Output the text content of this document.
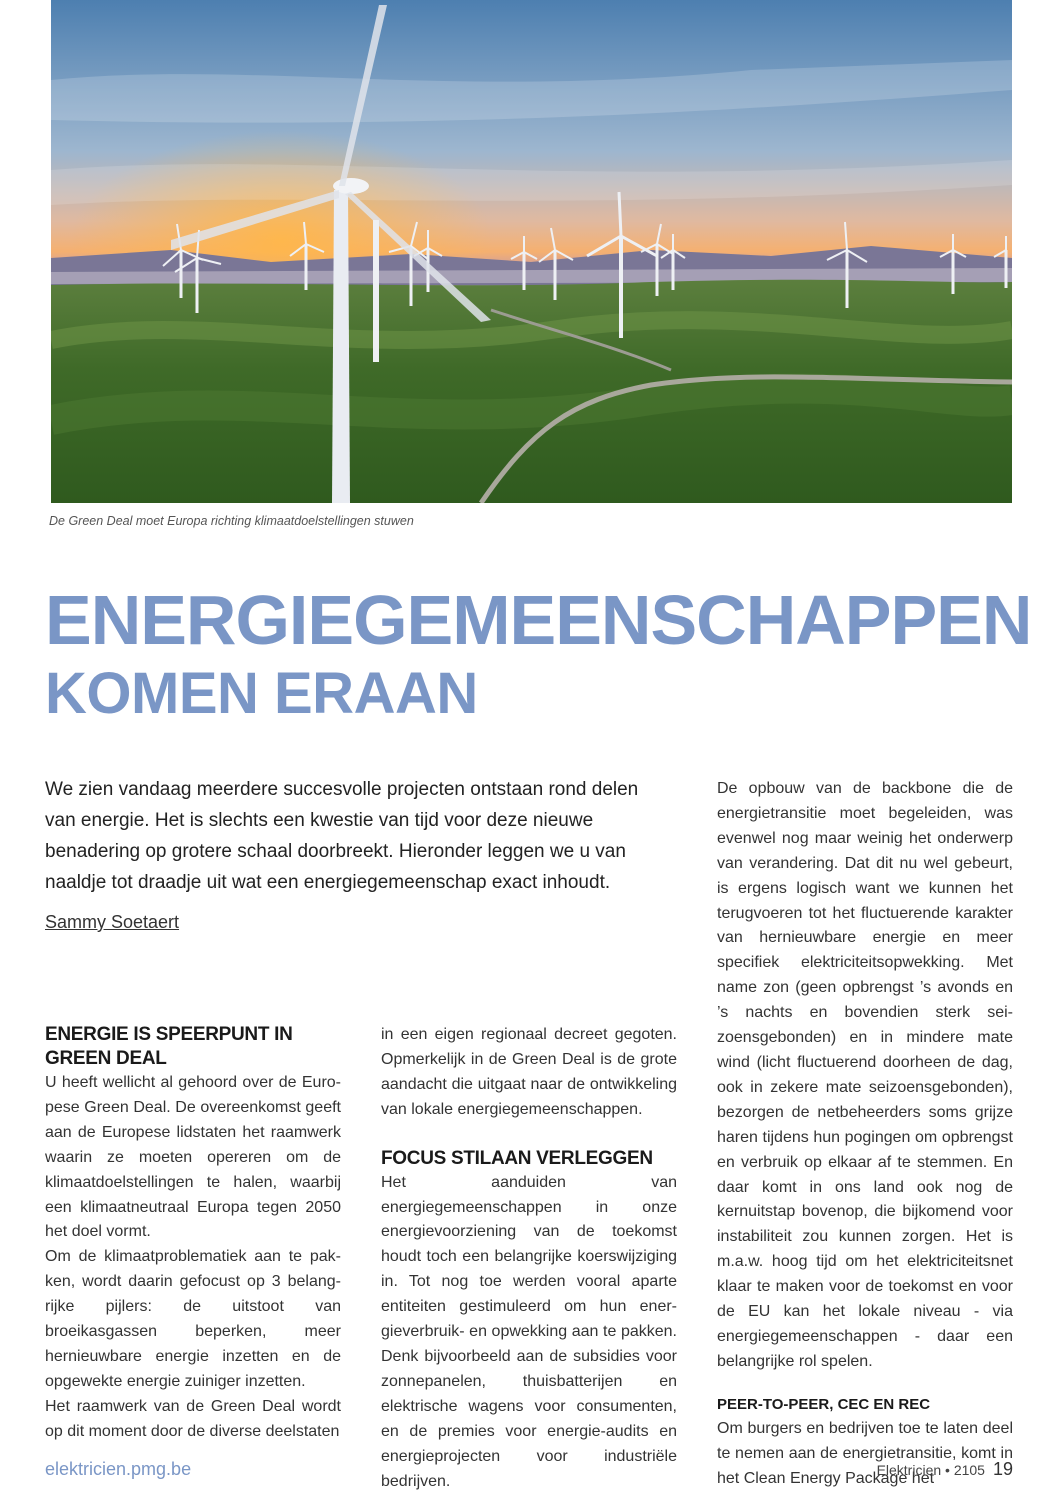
De Green Deal moet Europa richting klimaatdoelstellingen stuwen
ENERGIEGEMEENSCHAPPEN
KOMEN ERAAN

We zien vandaag meerdere succesvolle projecten ontstaan rond delen van energie. Het is slechts een kwestie van tijd voor deze nieuwe benadering op grotere schaal doorbreekt. Hieronder leggen we u van naaldje tot draadje uit wat een energiegemeenschap exact inhoudt.

Sammy Soetaert
ENERGIE IS SPEERPUNT IN GREEN DEAL

U heeft wellicht al gehoord over de Europese Green Deal. De overeenkomst geeft aan de Europese lidstaten het raamwerk waarin ze moeten opereren om de klimaatdoelstellingen te halen, waarbij een klimaatneutraal Europa tegen 2050 het doel vormt.

Om de klimaatproblematiek aan te pakken, wordt daarin gefocust op 3 belangrijke pijlers: de uitstoot van broeikasgassen beperken, meer hernieuwbare energie inzetten en de opgewekte energie zuiniger inzetten.

Het raamwerk van de Green Deal wordt op dit moment door de diverse deelstaten

in een eigen regionaal decreet gegoten. Opmerkelijk in de Green Deal is de grote aandacht die uitgaat naar de ontwikkeling van lokale energiegemeenschappen.

FOCUS STILAAN VERLEGGEN

Het aanduiden van energiegemeenschappen in onze energievoorziening van de toekomst houdt toch een belangrijke koerswijziging in. Tot nog toe werden vooral aparte entiteiten gestimuleerd om hun energieverbruik- en opwekking aan te pakken. Denk bijvoorbeeld aan de subsidies voor zonnepanelen, thuisbatterijen en elektrische wagens voor consumenten, en de premies voor energie-audits en energieprojecten voor industriële bedrijven.

De opbouw van de backbone die de energietransitie moet begeleiden, was evenwel nog maar weinig het onderwerp van verandering. Dat dit nu wel gebeurt, is ergens logisch want we kunnen het terugvoeren tot het fluctuerende karakter van hernieuwbare energie en meer specifiek elektriciteitsopwekking. Met name zon (geen opbrengst ’s avonds en ’s nachts en bovendien sterk seizoensgebonden) en in mindere mate wind (licht fluctuerend doorheen de dag, ook in zekere mate seizoensgebonden), bezorgen de netbeheerders soms grijze haren tijdens hun pogingen om opbrengst en verbruik op elkaar af te stemmen. En daar komt in ons land ook nog de kernuitstap bovenop, die bijkomend voor instabiliteit zou kunnen zorgen. Het is m.a.w. hoog tijd om het elektriciteitsnet klaar te maken voor de toekomst en voor de EU kan het lokale niveau - via energiegemeenschappen - daar een belangrijke rol spelen.

PEER-TO-PEER, CEC EN REC

Om burgers en bedrijven toe te laten deel te nemen aan de energietransitie, komt in het Clean Energy Package het

elektricien.pmg.be	Elektricien • 2105 19
